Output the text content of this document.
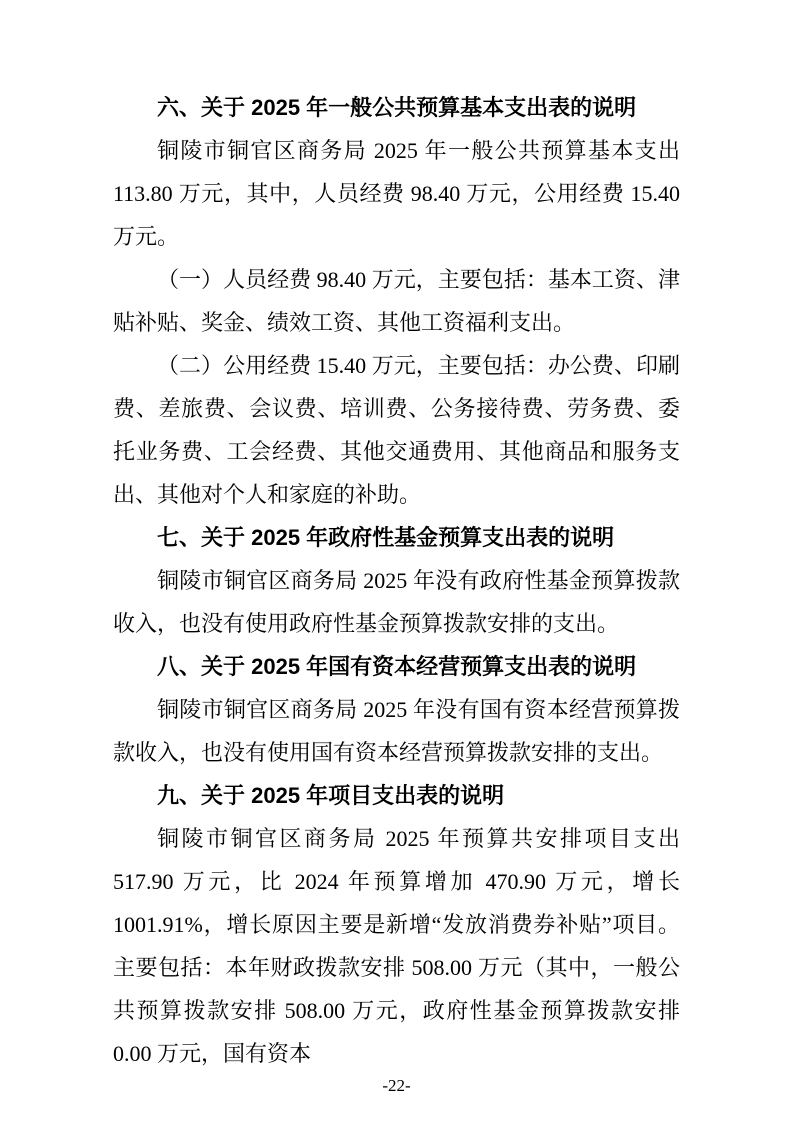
六、关于 2025 年一般公共预算基本支出表的说明

铜陵市铜官区商务局 2025 年一般公共预算基本支出 113.80 万元，其中，人员经费 98.40 万元，公用经费 15.40 万元。

（一）人员经费 98.40 万元，主要包括：基本工资、津贴补贴、奖金、绩效工资、其他工资福利支出。

（二）公用经费 15.40 万元，主要包括：办公费、印刷费、差旅费、会议费、培训费、公务接待费、劳务费、委托业务费、工会经费、其他交通费用、其他商品和服务支出、其他对个人和家庭的补助。

七、关于 2025 年政府性基金预算支出表的说明

铜陵市铜官区商务局 2025 年没有政府性基金预算拨款收入，也没有使用政府性基金预算拨款安排的支出。

八、关于 2025 年国有资本经营预算支出表的说明

铜陵市铜官区商务局 2025 年没有国有资本经营预算拨款收入，也没有使用国有资本经营预算拨款安排的支出。

九、关于 2025 年项目支出表的说明

铜陵市铜官区商务局 2025 年预算共安排项目支出 517.90 万元，比 2024 年预算增加 470.90 万元，增长 1001.91%，增长原因主要是新增“发放消费券补贴”项目。主要包括：本年财政拨款安排 508.00 万元（其中，一般公共预算拨款安排 508.00 万元，政府性基金预算拨款安排 0.00 万元，国有资本

-22-
